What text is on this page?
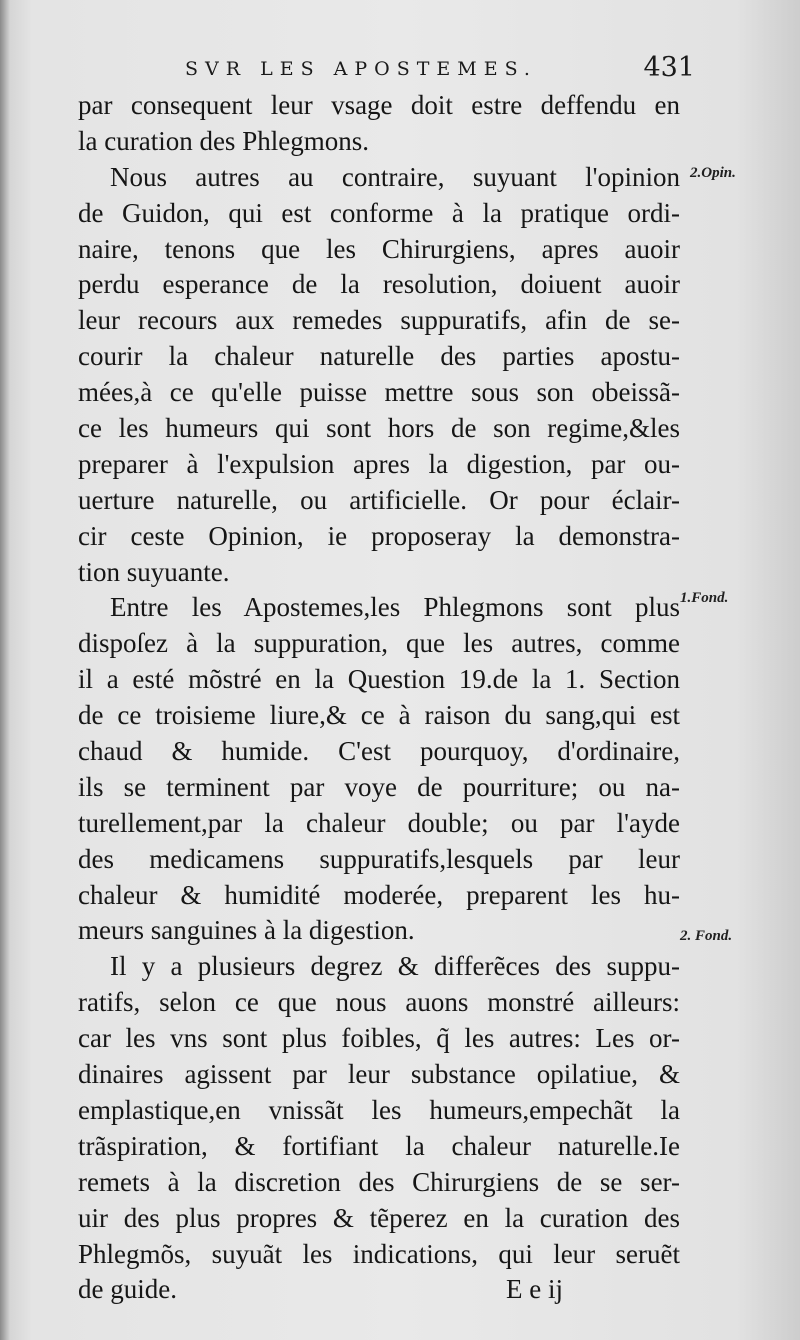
SVR LES APOSTEMES.	431
par consequent leur vsage doit estre deffendu en
la curation des Phlegmons.
Nous autres au contraire, suyuant l'opinion
de Guidon, qui est conforme à la pratique ordi-
naire, tenons que les Chirurgiens, apres auoir
perdu esperance de la resolution, doiuent auoir
leur recours aux remedes suppuratifs, afin de se-
courir la chaleur naturelle des parties apostu-
mées,à ce qu'elle puisse mettre sous son obeissã-
ce les humeurs qui sont hors de son regime,&les
preparer à l'expulsion apres la digestion, par ou-
uerture naturelle, ou artificielle. Or pour éclair-
cir ceste Opinion, ie proposeray la demonstra-
tion suyuante.
Entre les Apostemes,les Phlegmons sont plus
dispoſez à la suppuration, que les autres, comme
il a esté mõstré en la Question 19.de la 1. Section
de ce troisieme liure,& ce à raison du sang,qui est
chaud & humide. C'est pourquoy, d'ordinaire,
ils se terminent par voye de pourriture; ou na-
turellement,par la chaleur double; ou par l'ayde
des medicamens suppuratifs,lesquels par leur
chaleur & humidité moderée, preparent les hu-
meurs sanguines à la digestion.
Il y a plusieurs degrez & differẽces des suppu-
ratifs, selon ce que nous auons monstré ailleurs:
car les vns sont plus foibles, q̃ les autres: Les or-
dinaires agissent par leur substance opilatiue, &
emplastique,en vnissãt les humeurs,empechãt la
trãspiration, & fortifiant la chaleur naturelle.Ie
remets à la discretion des Chirurgiens de se ser-
uir des plus propres & tẽperez en la curation des
Phlegmõs, suyuãt les indications, qui leur seruẽt
de guide.	E e ij
2.Opin.
1.Fond.
2. Fond.
